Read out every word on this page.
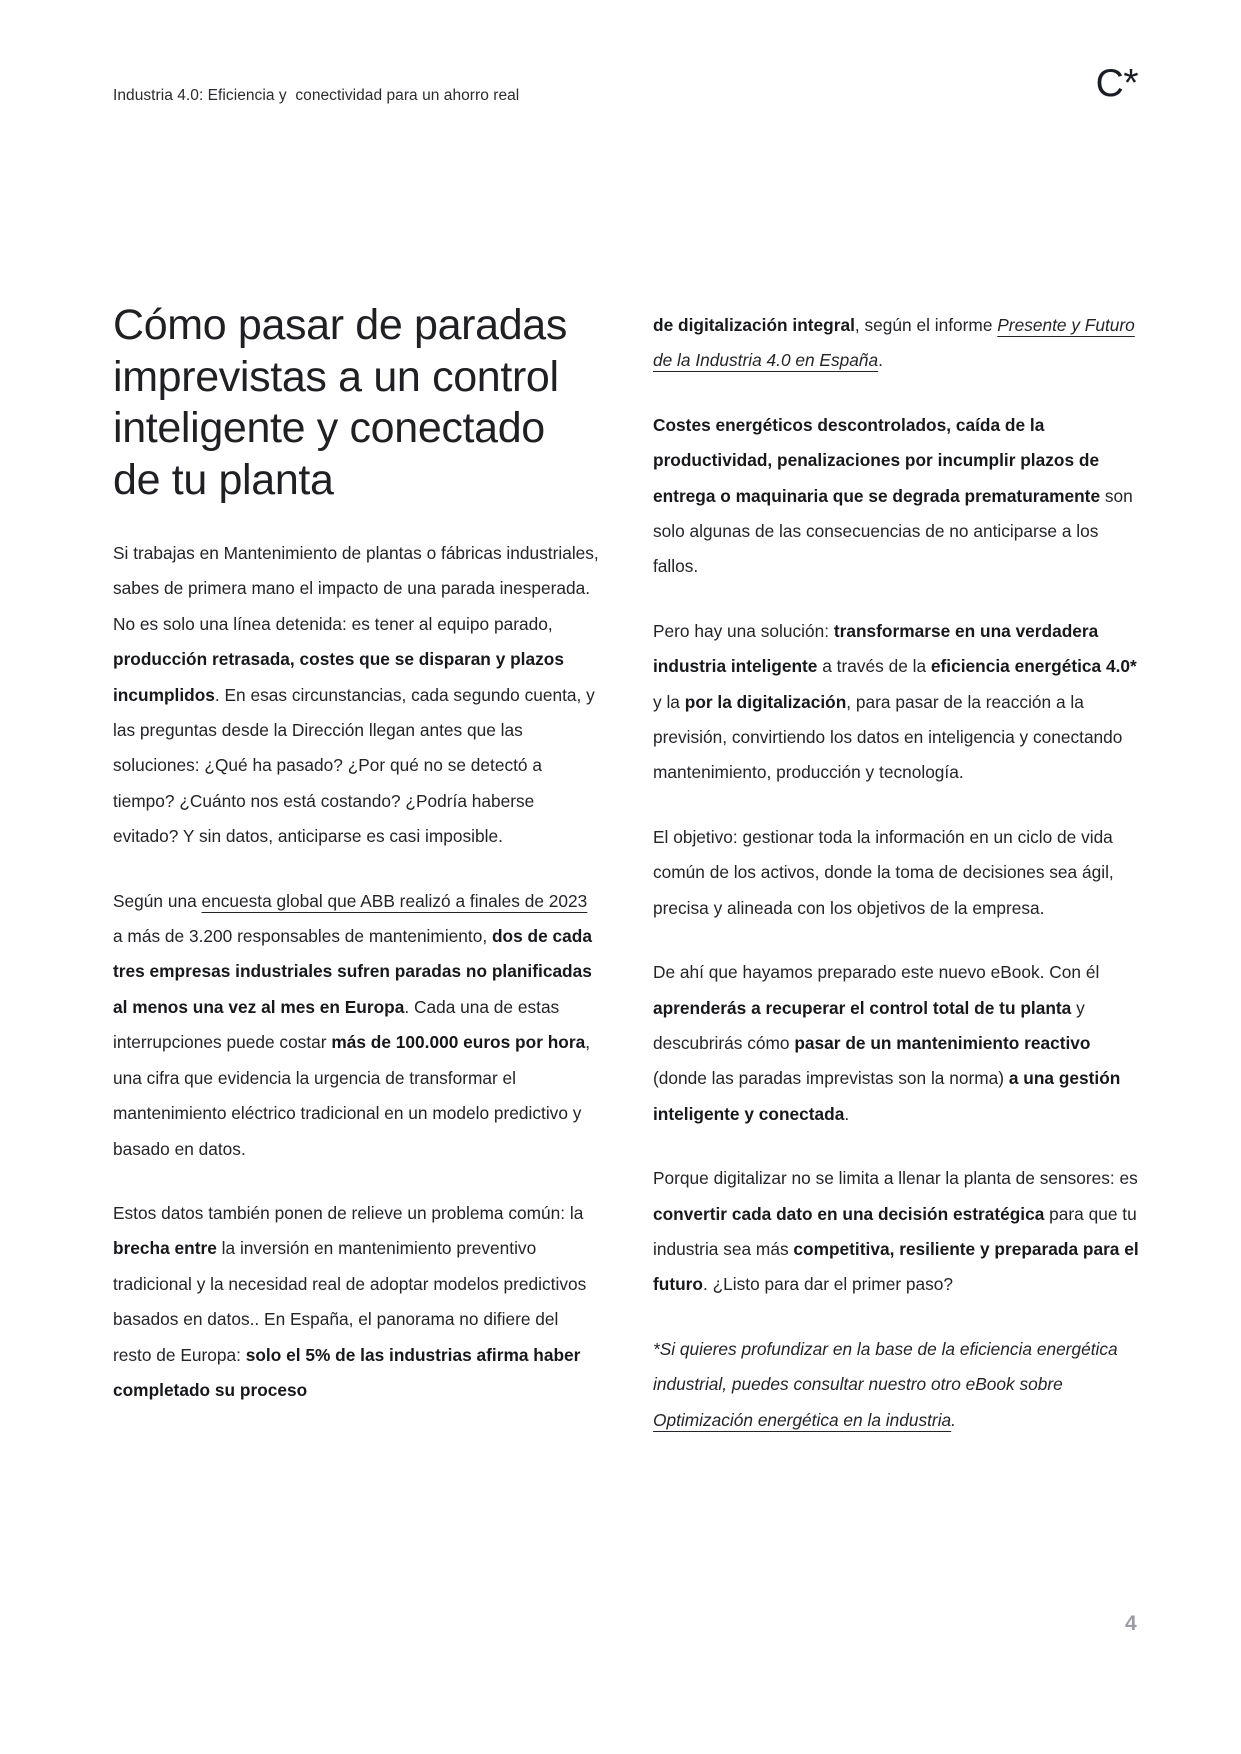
Industria 4.0: Eficiencia y  conectividad para un ahorro real	C*
Cómo pasar de paradas imprevistas a un control inteligente y conectado de tu planta

Si trabajas en Mantenimiento de plantas o fábricas industriales, sabes de primera mano el impacto de una parada inesperada. No es solo una línea detenida: es tener al equipo parado, producción retrasada, costes que se disparan y plazos incumplidos. En esas circunstancias, cada segundo cuenta, y las preguntas desde la Dirección llegan antes que las soluciones: ¿Qué ha pasado? ¿Por qué no se detectó a tiempo? ¿Cuánto nos está costando? ¿Podría haberse evitado? Y sin datos, anticiparse es casi imposible.

Según una encuesta global que ABB realizó a finales de 2023 a más de 3.200 responsables de mantenimiento, dos de cada tres empresas industriales sufren paradas no planificadas al menos una vez al mes en Europa. Cada una de estas interrupciones puede costar más de 100.000 euros por hora, una cifra que evidencia la urgencia de transformar el mantenimiento eléctrico tradicional en un modelo predictivo y basado en datos.

Estos datos también ponen de relieve un problema común: la brecha entre la inversión en mantenimiento preventivo tradicional y la necesidad real de adoptar modelos predictivos basados en datos.. En España, el panorama no difiere del resto de Europa: solo el 5% de las industrias afirma haber completado su proceso

de digitalización integral, según el informe Presente y Futuro de la Industria 4.0 en España.

Costes energéticos descontrolados, caída de la productividad, penalizaciones por incumplir plazos de entrega o maquinaria que se degrada prematuramente son solo algunas de las consecuencias de no anticiparse a los fallos.

Pero hay una solución: transformarse en una verdadera industria inteligente a través de la eficiencia energética 4.0* y la por la digitalización, para pasar de la reacción a la previsión, convirtiendo los datos en inteligencia y conectando mantenimiento, producción y tecnología.

El objetivo: gestionar toda la información en un ciclo de vida común de los activos, donde la toma de decisiones sea ágil, precisa y alineada con los objetivos de la empresa.

De ahí que hayamos preparado este nuevo eBook. Con él aprenderás a recuperar el control total de tu planta y descubrirás cómo pasar de un mantenimiento reactivo (donde las paradas imprevistas son la norma) a una gestión inteligente y conectada.

Porque digitalizar no se limita a llenar la planta de sensores: es convertir cada dato en una decisión estratégica para que tu industria sea más competitiva, resiliente y preparada para el futuro. ¿Listo para dar el primer paso?

*Si quieres profundizar en la base de la eficiencia energética industrial, puedes consultar nuestro otro eBook sobre Optimización energética en la industria.

4
